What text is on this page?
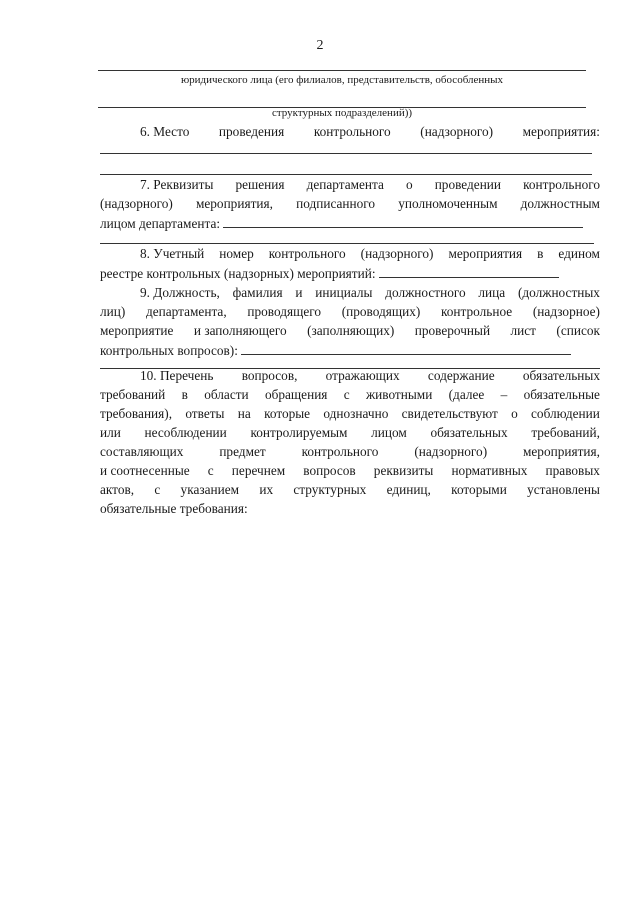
2
юридического лица (его филиалов, представительств, обособленных
структурных подразделений))
6. Место проведения контрольного (надзорного) мероприятия:
7. Реквизиты решения департамента о проведении контрольного
(надзорного) мероприятия, подписанного уполномоченным должностным
лицом департамента:
8. Учетный номер контрольного (надзорного) мероприятия в едином
реестре контрольных (надзорных) мероприятий:
9. Должность, фамилия и инициалы должностного лица (должностных
лиц) департамента, проводящего (проводящих) контрольное (надзорное)
мероприятие и заполняющего (заполняющих) проверочный лист (список
контрольных вопросов):
10. Перечень вопросов, отражающих содержание обязательных
требований в области обращения с животными (далее – обязательные
требования), ответы на которые однозначно свидетельствуют о соблюдении
или несоблюдении контролируемым лицом обязательных требований,
составляющих	предмет	контрольного	(надзорного)	мероприятия,
и соотнесенные с перечнем вопросов реквизиты нормативных правовых
актов, с указанием их структурных единиц, которыми установлены
обязательные требования:
